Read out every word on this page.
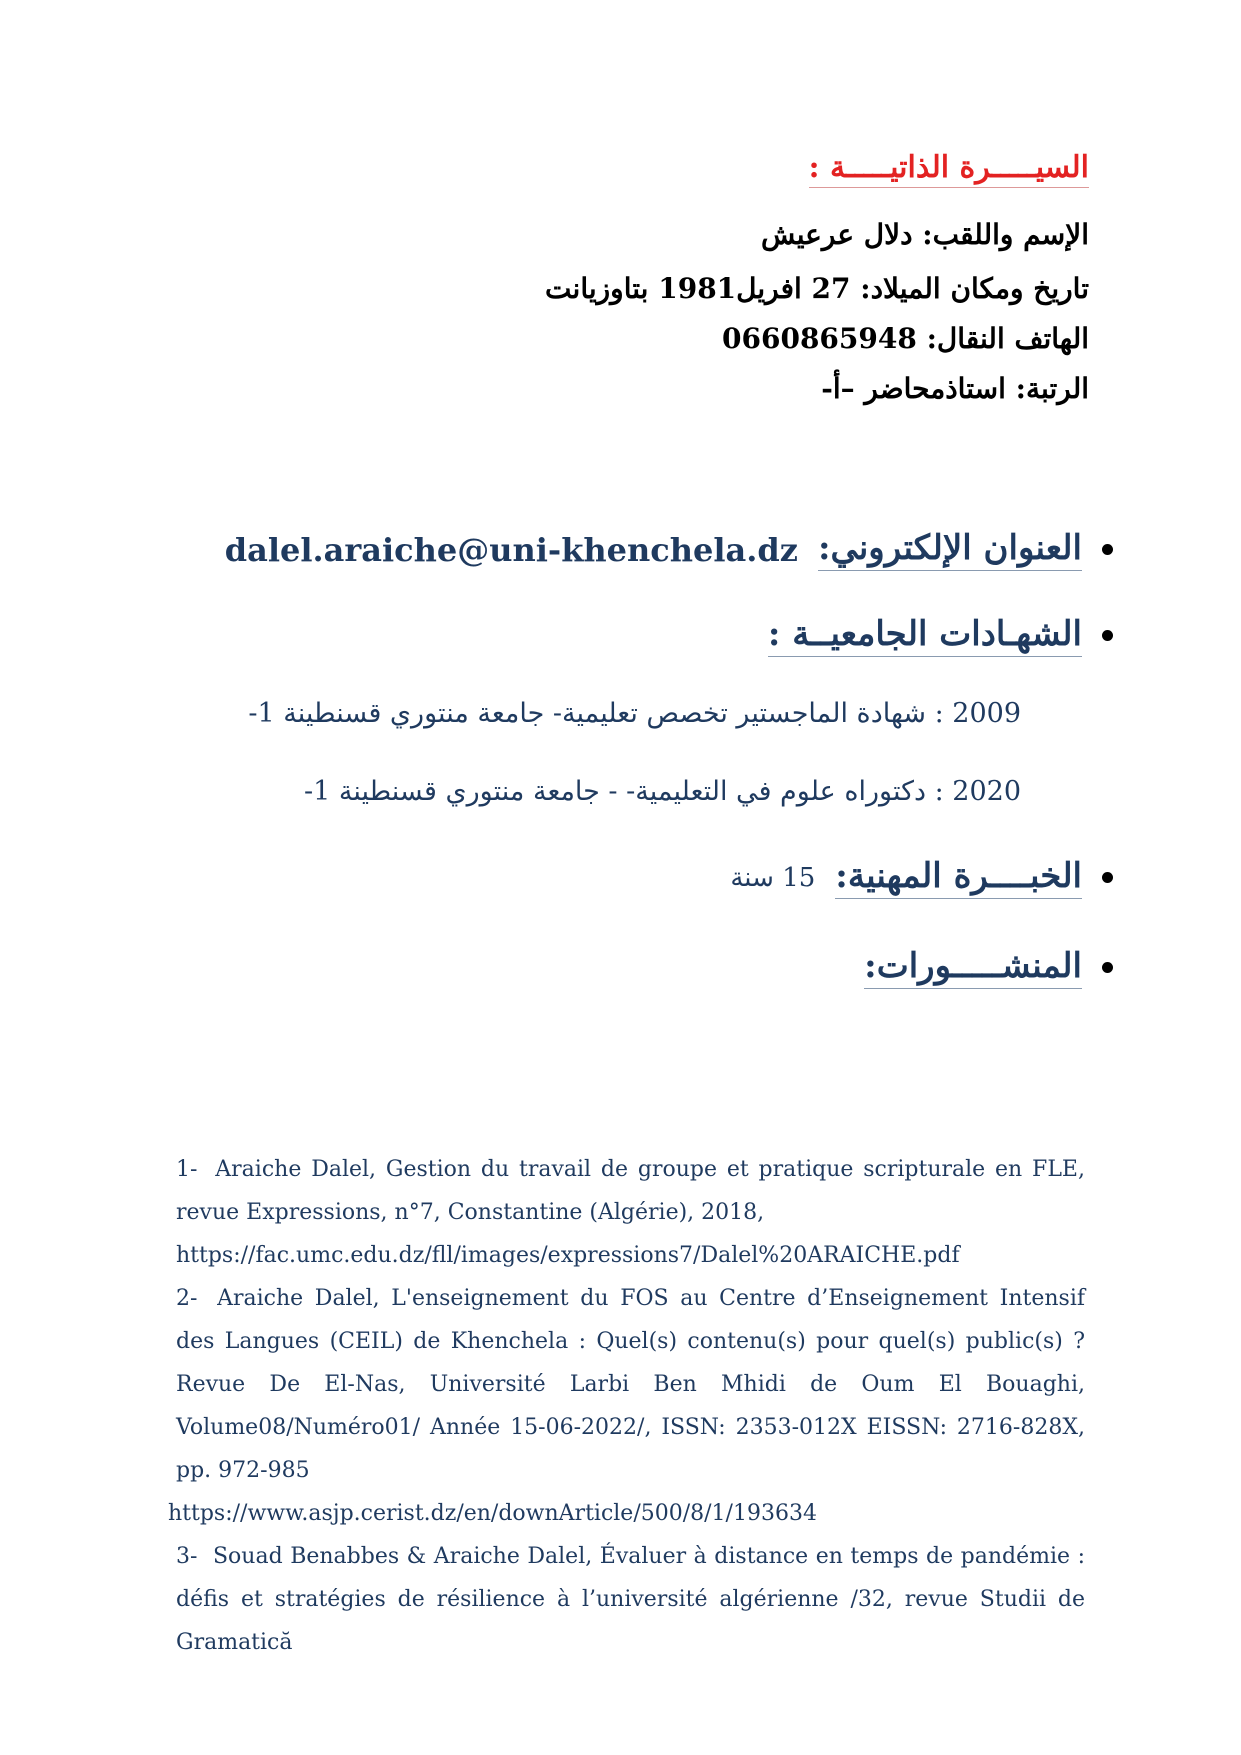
السيـــــرة الذاتيـــــة :
الإسم واللقب: دلال عرعيش
تاريخ ومكان الميلاد: 27 افريل1981 بتاوزيانت
الهاتف النقال: 0660865948
الرتبة: استاذمحاضر –أ-
العنوان الإلكتروني:
dalel.araiche@uni-khenchela.dz
الشهـادات الجامعيــة :
2009 : شهادة الماجستير تخصص تعليمية- جامعة منتوري قسنطينة 1-
2020 : دكتوراه علوم في التعليمية- - جامعة منتوري قسنطينة 1-
الخبــــرة المهنية:
15 سنة
المنشـــــورات:

1- Araiche Dalel, Gestion du travail de groupe et pratique scripturale en FLE, revue Expressions, n°7, Constantine (Algérie), 2018,

https://fac.umc.edu.dz/fll/images/expressions7/Dalel%20ARAICHE.pdf

2- Araiche Dalel, L'enseignement du FOS au Centre d’Enseignement Intensif des Langues (CEIL) de Khenchela : Quel(s) contenu(s) pour quel(s) public(s) ? Revue De El-Nas, Université Larbi Ben Mhidi de Oum El Bouaghi, Volume08/Numéro01/ Année 15-06-2022/, ISSN: 2353-012X EISSN: 2716-828X, pp. 972-985

https://www.asjp.cerist.dz/en/downArticle/500/8/1/193634

3- Souad Benabbes & Araiche Dalel, Évaluer à distance en temps de pandémie : défis et stratégies de résilience à l’université algérienne /32, revue Studii de Gramatică
